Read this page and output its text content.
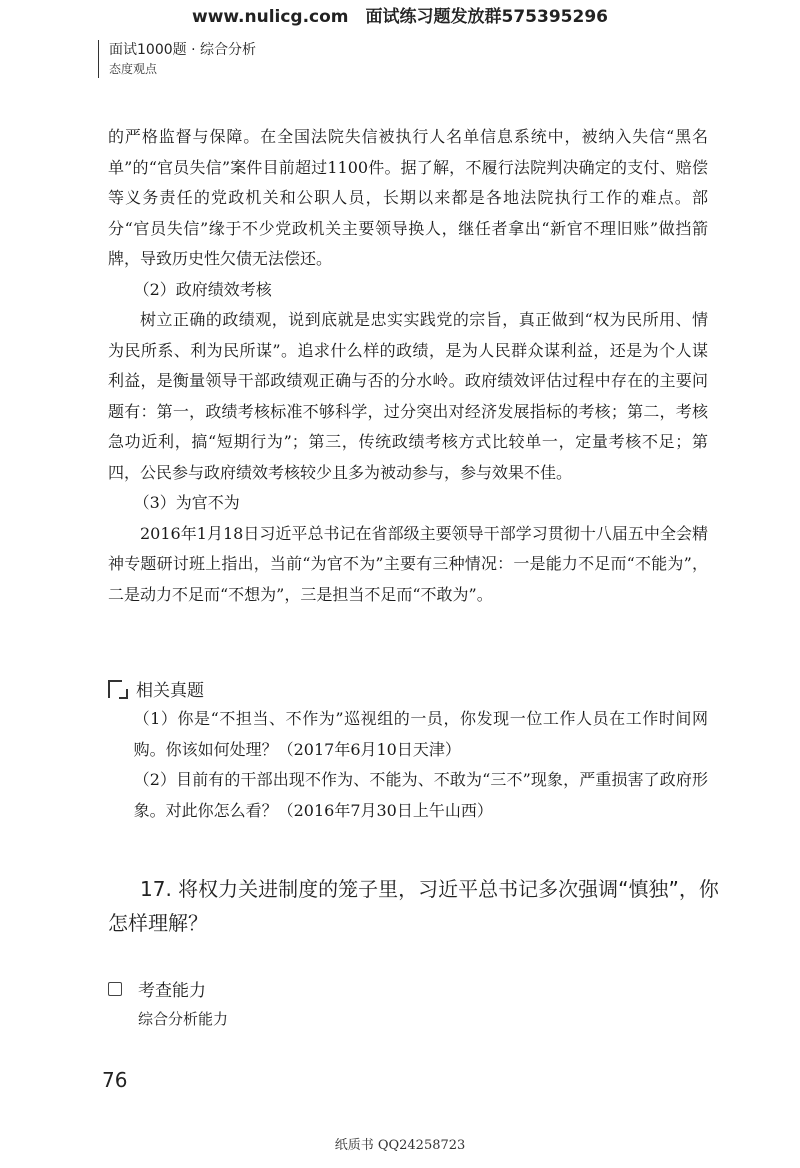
www.nulicg.com　面试练习题发放群575395296
面试1000题 · 综合分析
态度观点

的严格监督与保障。在全国法院失信被执行人名单信息系统中，被纳入失信“黑名单”的“官员失信”案件目前超过1100件。据了解，不履行法院判决确定的支付、赔偿等义务责任的党政机关和公职人员，长期以来都是各地法院执行工作的难点。部分“官员失信”缘于不少党政机关主要领导换人，继任者拿出“新官不理旧账”做挡箭牌，导致历史性欠债无法偿还。

（2）政府绩效考核

树立正确的政绩观，说到底就是忠实实践党的宗旨，真正做到“权为民所用、情为民所系、利为民所谋”。追求什么样的政绩，是为人民群众谋利益，还是为个人谋利益，是衡量领导干部政绩观正确与否的分水岭。政府绩效评估过程中存在的主要问题有：第一，政绩考核标准不够科学，过分突出对经济发展指标的考核；第二，考核急功近利，搞“短期行为”；第三，传统政绩考核方式比较单一，定量考核不足；第四，公民参与政府绩效考核较少且多为被动参与，参与效果不佳。

（3）为官不为

2016年1月18日习近平总书记在省部级主要领导干部学习贯彻十八届五中全会精神专题研讨班上指出，当前“为官不为”主要有三种情况：一是能力不足而“不能为”，二是动力不足而“不想为”，三是担当不足而“不敢为”。

相关真题

（1）你是“不担当、不作为”巡视组的一员，你发现一位工作人员在工作时间网购。你该如何处理？（2017年6月10日天津）

（2）目前有的干部出现不作为、不能为、不敢为“三不”现象，严重损害了政府形象。对此你怎么看？（2016年7月30日上午山西）

17. 将权力关进制度的笼子里，习近平总书记多次强调“慎独”，你怎样理解？
考查能力
综合分析能力
76
纸质书 QQ24258723
